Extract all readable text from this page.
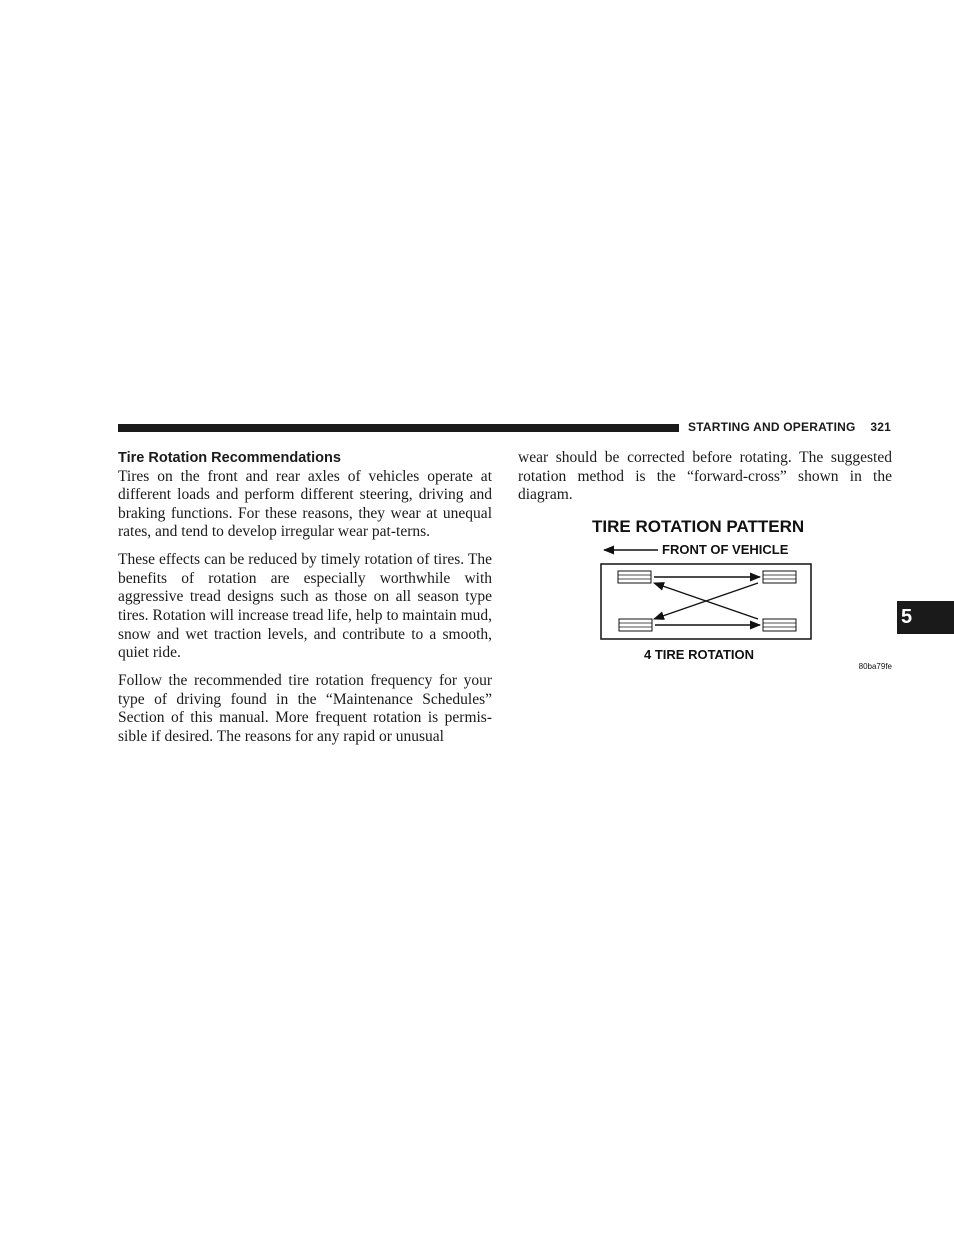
STARTING AND OPERATING 321
Tire Rotation Recommendations

Tires on the front and rear axles of vehicles operate at different loads and perform different steering, driving and braking functions. For these reasons, they wear at unequal rates, and tend to develop irregular wear pat-terns.

These effects can be reduced by timely rotation of tires. The benefits of rotation are especially worthwhile with aggressive tread designs such as those on all season type tires. Rotation will increase tread life, help to maintain mud, snow and wet traction levels, and contribute to a smooth, quiet ride.

Follow the recommended tire rotation frequency for your type of driving found in the “Maintenance Schedules” Section of this manual. More frequent rotation is permis-sible if desired. The reasons for any rapid or unusual

wear should be corrected before rotating. The suggested rotation method is the “forward-cross” shown in the diagram.

TIRE ROTATION PATTERN
FRONT OF VEHICLE
4 TIRE ROTATION
80ba79fe
5
